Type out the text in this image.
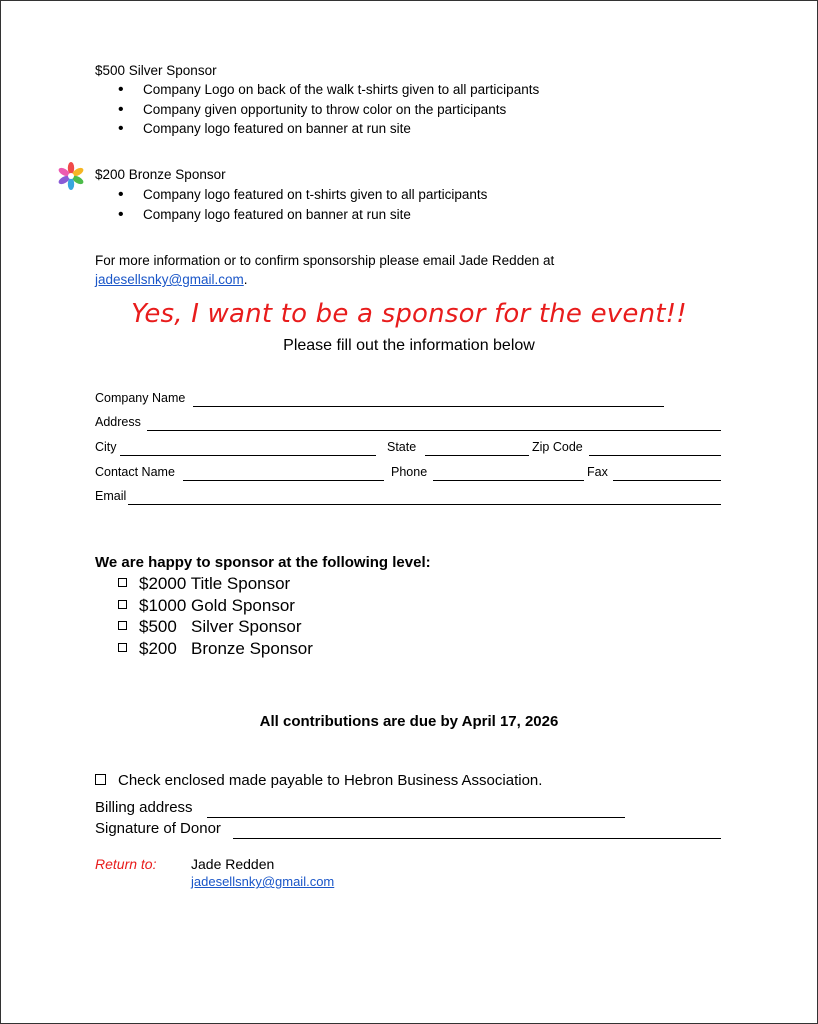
$500 Silver Sponsor
• Company Logo on back of the walk t-shirts given to all participants
• Company given opportunity to throw color on the participants
• Company logo featured on banner at run site
$200 Bronze Sponsor
• Company logo featured on t-shirts given to all participants
• Company logo featured on banner at run site
For more information or to confirm sponsorship please email Jade Redden at
jadesellsnky@gmail.com.
Yes, I want to be a sponsor for the event!!
Please fill out the information below
Company Name
Address
City	State	Zip Code
Contact Name	Phone	Fax
Email
We are happy to sponsor at the following level:
$2000 Title Sponsor
$1000 Gold Sponsor
$500   Silver Sponsor
$200   Bronze Sponsor
All contributions are due by April 17, 2026
Check enclosed made payable to Hebron Business Association.
Billing address
Signature of Donor
Return to: Jade Redden
jadesellsnky@gmail.com
